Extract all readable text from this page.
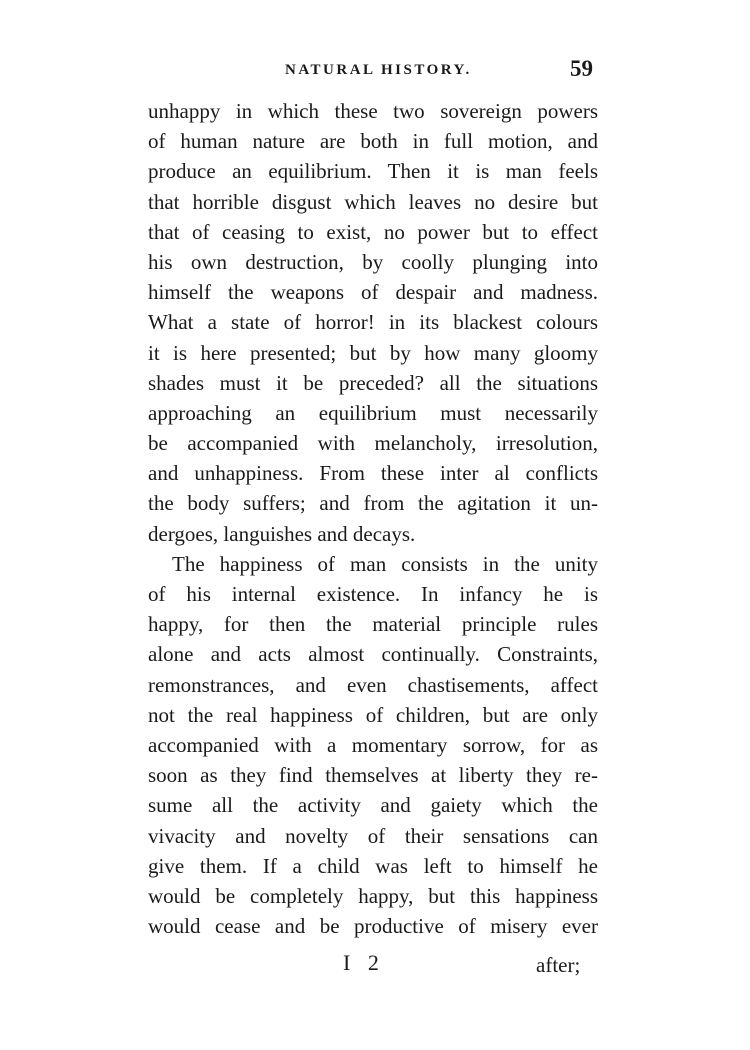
NATURAL HISTORY.	59
unhappy in which these two sovereign powers
of human nature are both in full motion, and
produce an equilibrium. Then it is man feels
that horrible disgust which leaves no desire but
that of ceasing to exist, no power but to effect
his own destruction, by coolly plunging into
himself the weapons of despair and madness.
What a state of horror! in its blackest colours
it is here presented; but by how many gloomy
shades must it be preceded? all the situations
approaching an equilibrium must necessarily
be accompanied with melancholy, irresolution,
and unhappiness. From these inter al conflicts
the body suffers; and from the agitation it un-
dergoes, languishes and decays.
The happiness of man consists in the unity
of his internal existence. In infancy he is
happy, for then the material principle rules
alone and acts almost continually. Constraints,
remonstrances, and even chastisements, affect
not the real happiness of children, but are only
accompanied with a momentary sorrow, for as
soon as they find themselves at liberty they re-
sume all the activity and gaiety which the
vivacity and novelty of their sensations can
give them. If a child was left to himself he
would be completely happy, but this happiness
would cease and be productive of misery ever
I 2	after;
